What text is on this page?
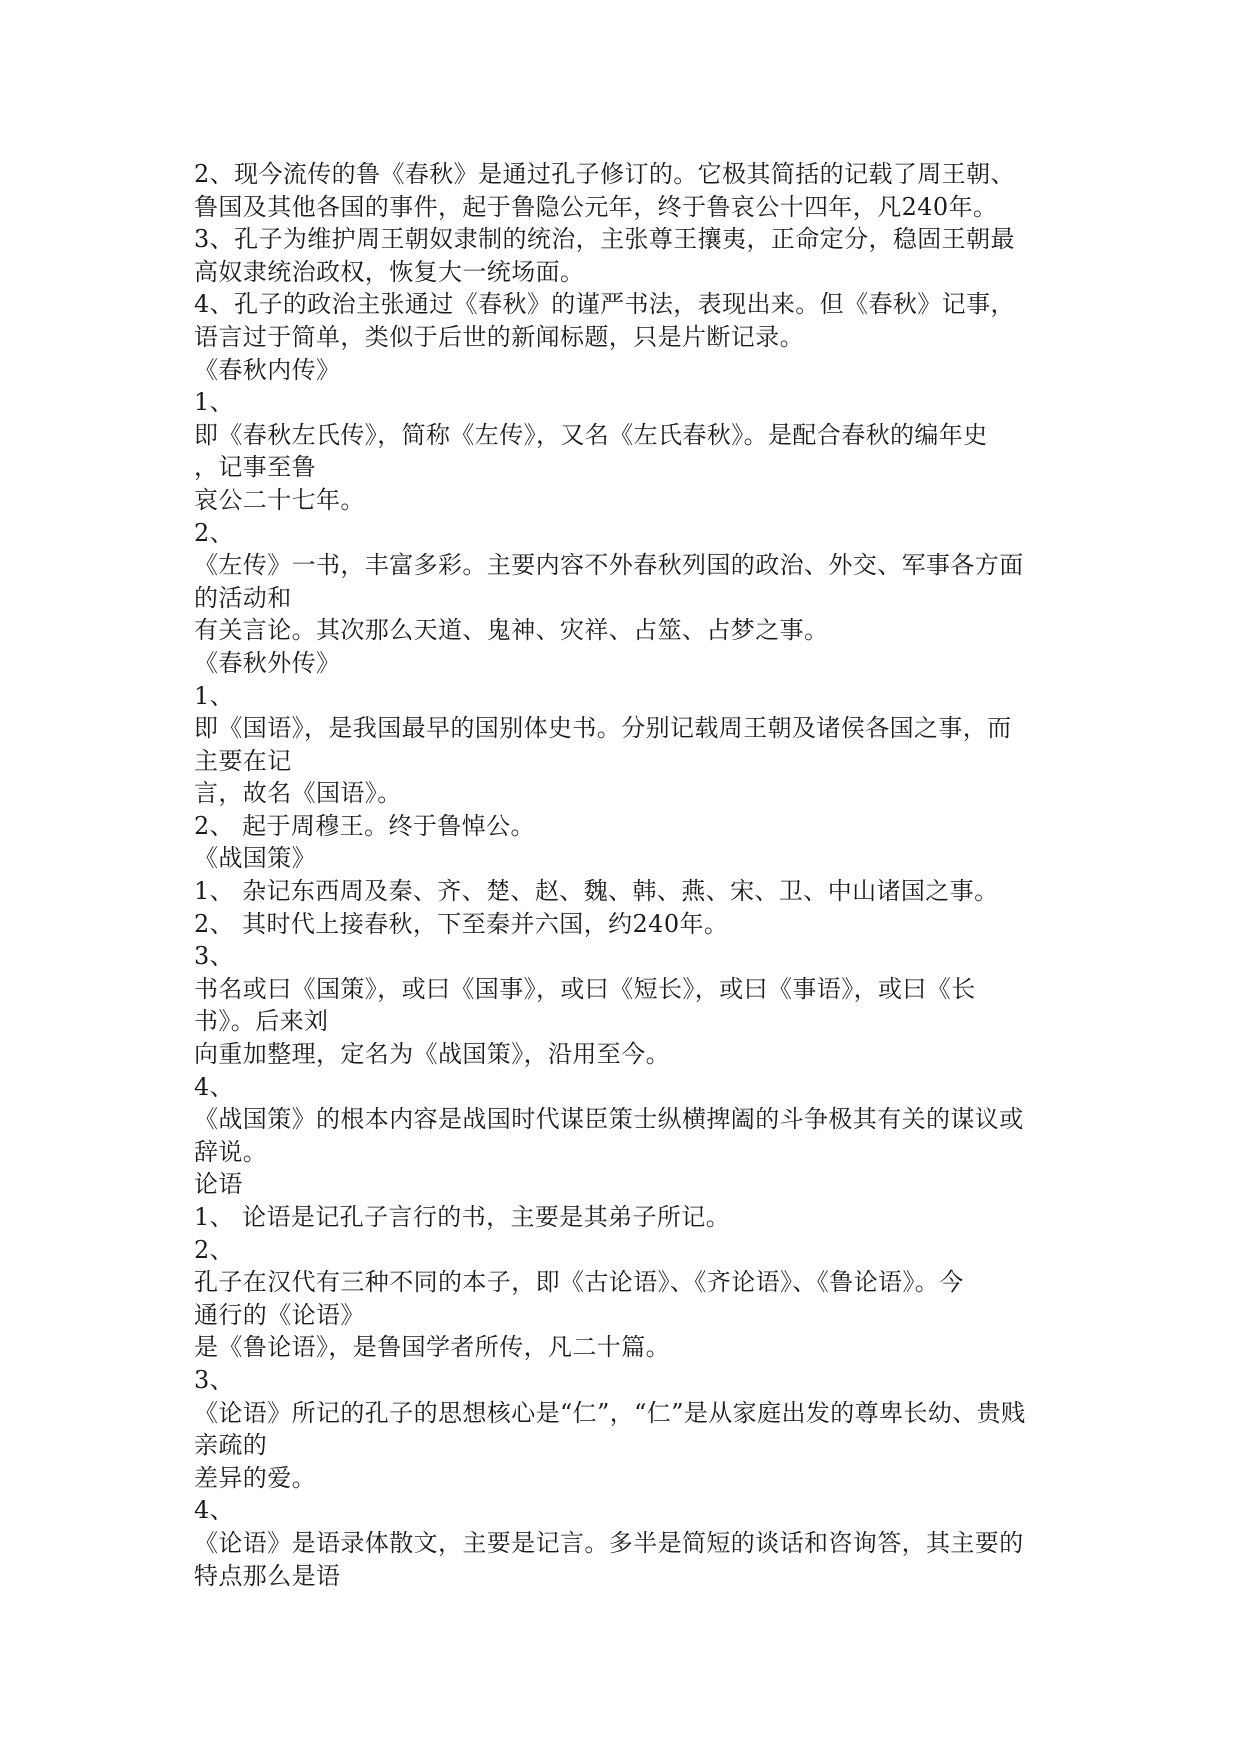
2、现今流传的鲁《春秋》是通过孔子修订的。它极其简括的记载了周王朝、
鲁国及其他各国的事件，起于鲁隐公元年，终于鲁哀公十四年，凡240年。
3、孔子为维护周王朝奴隶制的统治，主张尊王攘夷，正命定分，稳固王朝最
高奴隶统治政权，恢复大一统场面。
4、孔子的政治主张通过《春秋》的谨严书法，表现出来。但《春秋》记事，
语言过于简单，类似于后世的新闻标题，只是片断记录。
《春秋内传》
1、
即《春秋左氏传》，简称《左传》，又名《左氏春秋》。是配合春秋的编年史
，记事至鲁
哀公二十七年。
2、
《左传》一书，丰富多彩。主要内容不外春秋列国的政治、外交、军事各方面
的活动和
有关言论。其次那么天道、鬼神、灾祥、占筮、占梦之事。
《春秋外传》
1、
即《国语》，是我国最早的国别体史书。分别记载周王朝及诸侯各国之事，而
主要在记
言，故名《国语》。
2、 起于周穆王。终于鲁悼公。
《战国策》
1、 杂记东西周及秦、齐、楚、赵、魏、韩、燕、宋、卫、中山诸国之事。
2、 其时代上接春秋，下至秦并六国，约240年。
3、
书名或曰《国策》，或曰《国事》，或曰《短长》，或曰《事语》，或曰《长
书》。后来刘
向重加整理，定名为《战国策》，沿用至今。
4、
《战国策》的根本内容是战国时代谋臣策士纵横捭阖的斗争极其有关的谋议或
辞说。
论语
1、 论语是记孔子言行的书，主要是其弟子所记。
2、
孔子在汉代有三种不同的本子，即《古论语》、《齐论语》、《鲁论语》。今
通行的《论语》
是《鲁论语》，是鲁国学者所传，凡二十篇。
3、
《论语》所记的孔子的思想核心是“仁”，“仁”是从家庭出发的尊卑长幼、贵贱
亲疏的
差异的爱。
4、
《论语》是语录体散文，主要是记言。多半是简短的谈话和咨询答，其主要的
特点那么是语
